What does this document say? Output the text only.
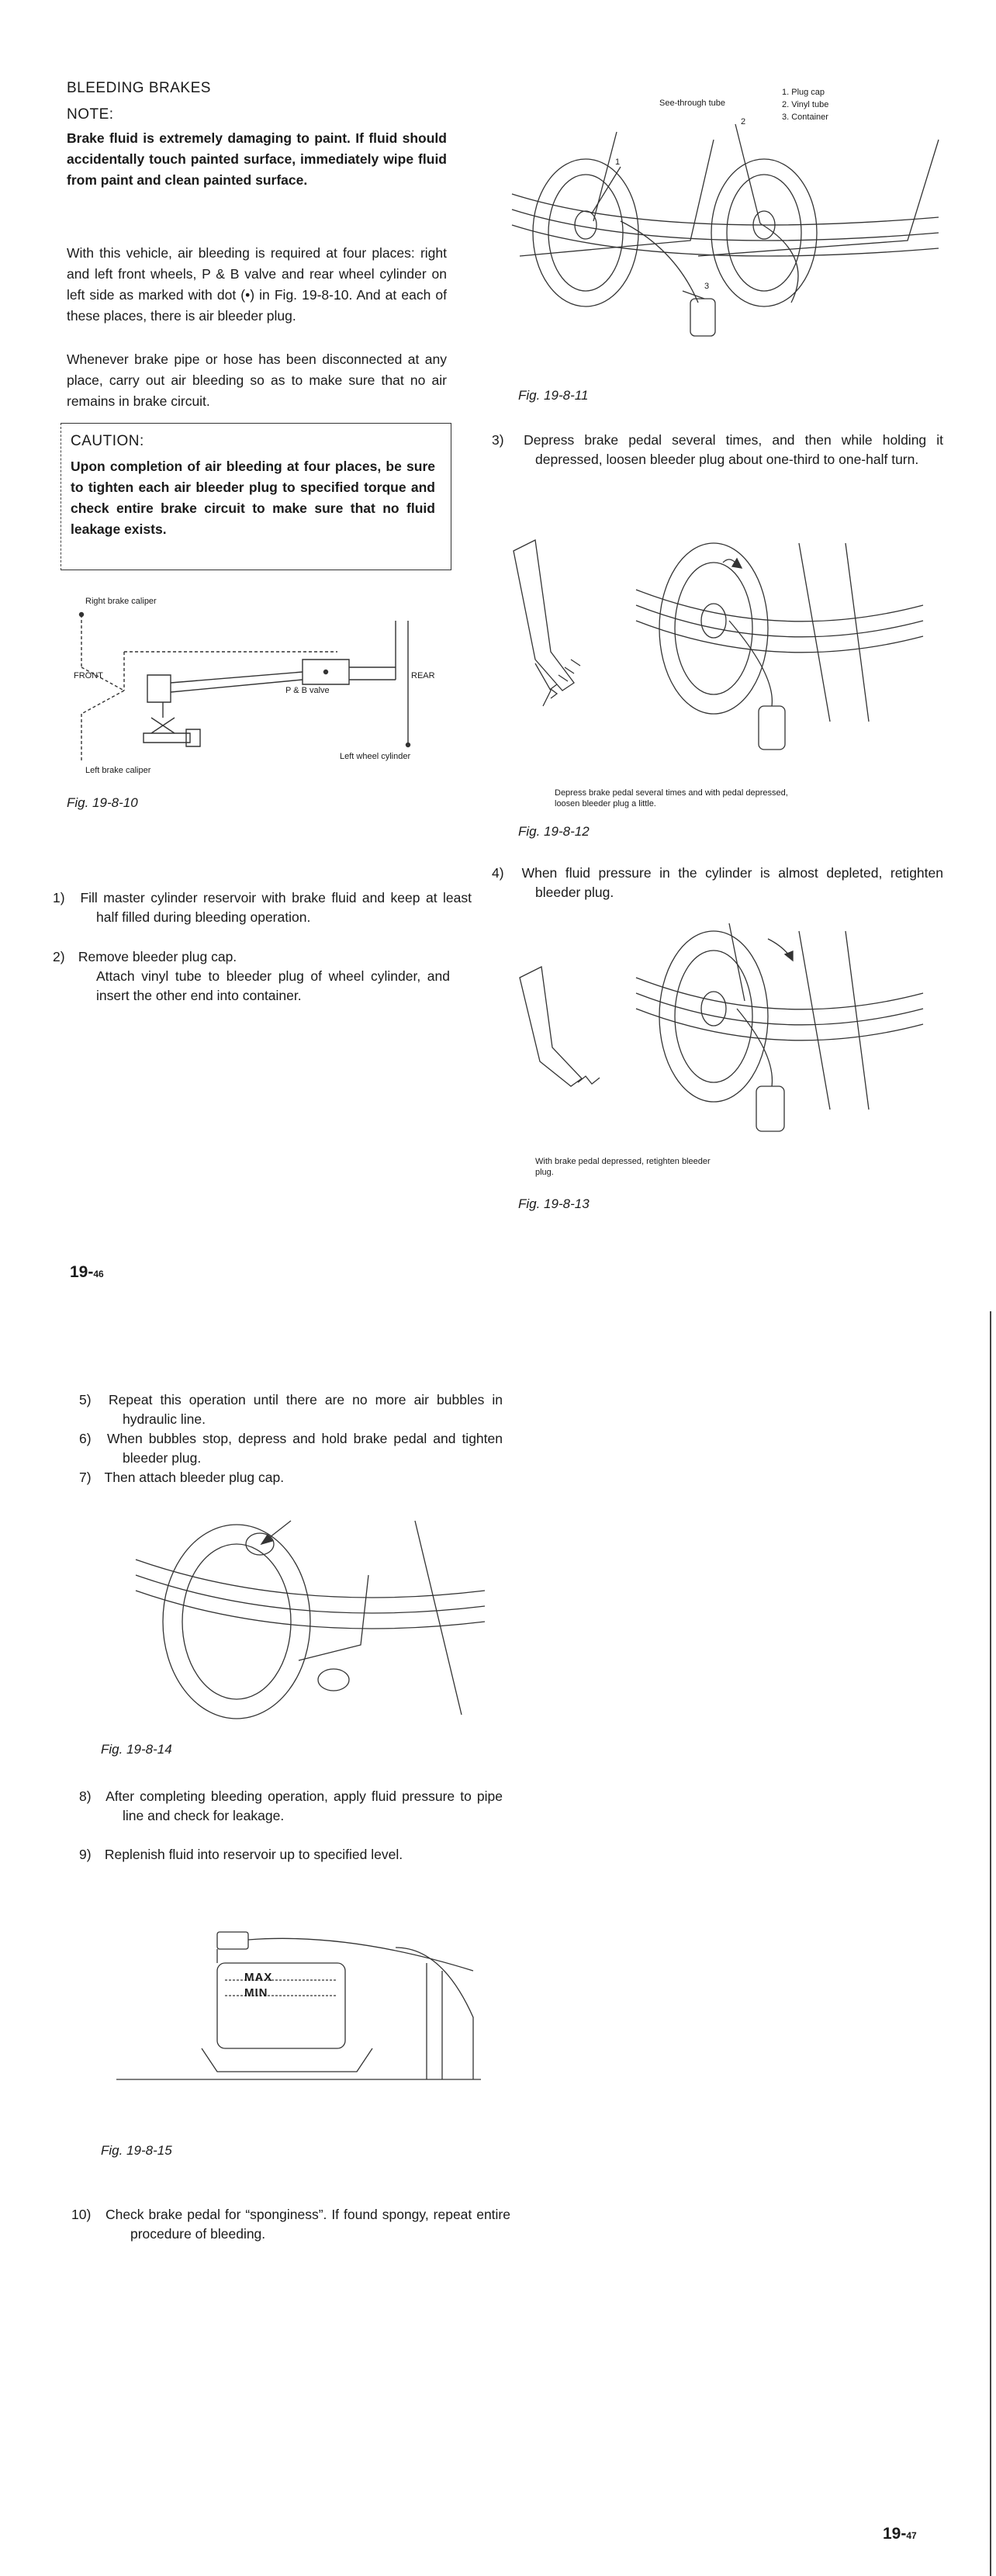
BLEEDING BRAKES
NOTE:
Brake fluid is extremely damaging to paint. If fluid should accidentally touch painted surface, immediately wipe fluid from paint and clean painted surface.
With this vehicle, air bleeding is required at four places: right and left front wheels, P & B valve and rear wheel cylinder on left side as marked with dot (•) in Fig. 19-8-10. And at each of these places, there is air bleeder plug.
Whenever brake pipe or hose has been disconnected at any place, carry out air bleeding so as to make sure that no air remains in brake circuit.
CAUTION:
Upon completion of air bleeding at four places, be sure to tighten each air bleeder plug to specified torque and check entire brake circuit to make sure that no fluid leakage exists.
Right brake caliper
FRONT
P & B valve
REAR
Left wheel cylinder
Left brake caliper
Fig. 19-8-10
1) Fill master cylinder reservoir with brake fluid and keep at least half filled during bleeding operation.
2) Remove bleeder plug cap.
Attach vinyl tube to bleeder plug of wheel cylinder, and insert the other end into container.
19-46
See-through tube
1. Plug cap
2. Vinyl tube
3. Container
2
1
3
Fig. 19-8-11
3) Depress brake pedal several times, and then while holding it depressed, loosen bleeder plug about one-third to one-half turn.
Depress brake pedal several times and with pedal depressed, loosen bleeder plug a little.
Fig. 19-8-12
4) When fluid pressure in the cylinder is almost depleted, retighten bleeder plug.
With brake pedal depressed, retighten bleeder plug.
Fig. 19-8-13
5) Repeat this operation until there are no more air bubbles in hydraulic line.
6) When bubbles stop, depress and hold brake pedal and tighten bleeder plug.
7) Then attach bleeder plug cap.
Fig. 19-8-14
8) After completing bleeding operation, apply fluid pressure to pipe line and check for leakage.
9) Replenish fluid into reservoir up to specified level.
MAX
MIN
Fig. 19-8-15
10) Check brake pedal for “sponginess”. If found spongy, repeat entire procedure of bleeding.
19-47
